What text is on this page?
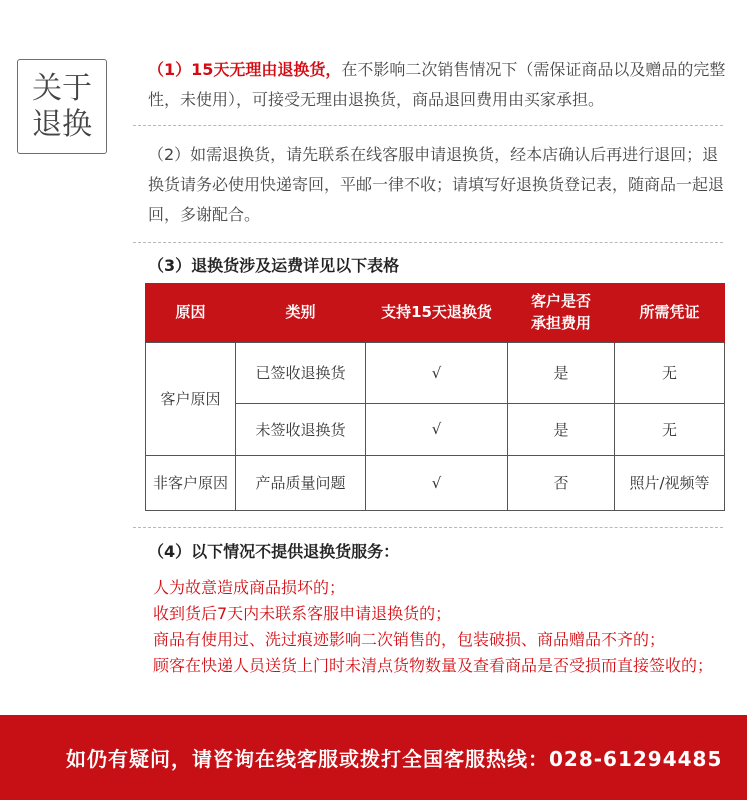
关于
退换

（1）15天无理由退换货，在不影响二次销售情况下（需保证商品以及赠品的完整性，未使用），可接受无理由退换货，商品退回费用由买家承担。

（2）如需退换货，请先联系在线客服申请退换货，经本店确认后再进行退回；退换货请务必使用快递寄回，平邮一律不收；请填写好退换货登记表，随商品一起退回，多谢配合。

（3）退换货涉及运费详见以下表格
原因	类别	支持15天退换货	客户是否承担费用	所需凭证
客户原因	已签收退换货	√	是	无
	未签收退换货	√	是	无
非客户原因	产品质量问题	√	否	照片/视频等
（4）以下情况不提供退换货服务：
人为故意造成商品损坏的；
收到货后7天内未联系客服申请退换货的；
商品有使用过、洗过痕迹影响二次销售的，包装破损、商品赠品不齐的；
顾客在快递人员送货上门时未清点货物数量及查看商品是否受损而直接签收的；
如仍有疑问，请咨询在线客服或拨打全国客服热线：028-61294485
